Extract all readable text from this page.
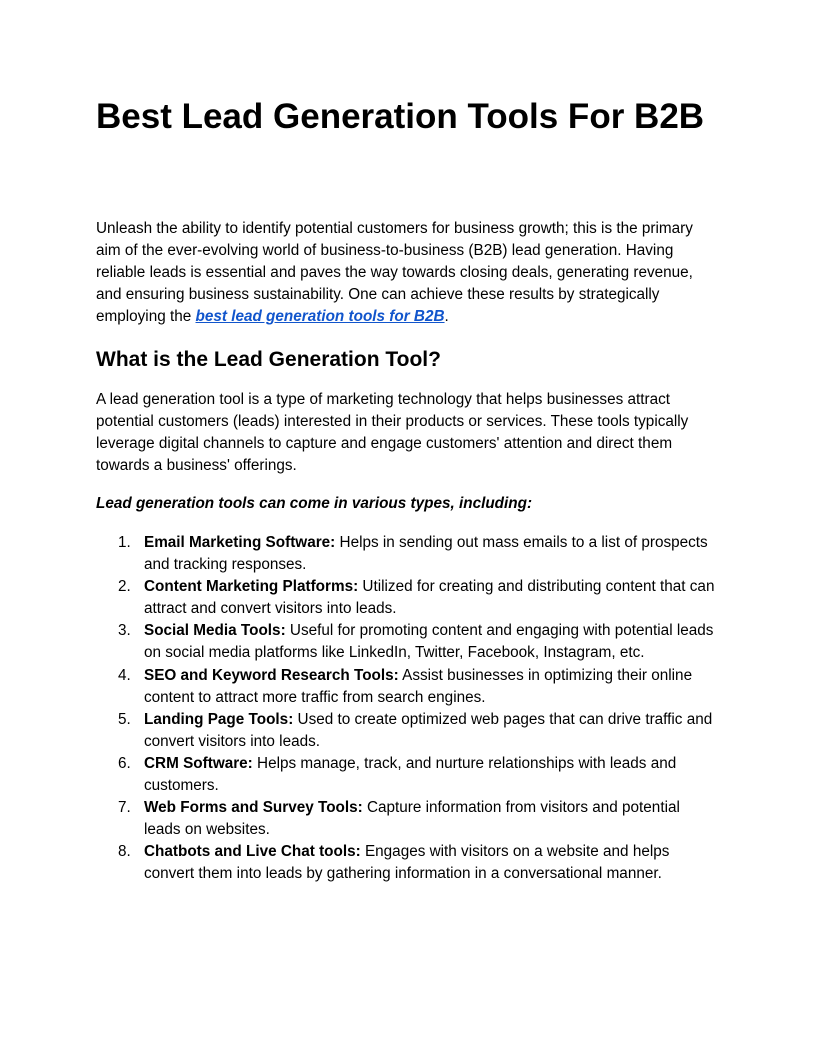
Best Lead Generation Tools For B2B

Unleash the ability to identify potential customers for business growth; this is the primary aim of the ever-evolving world of business-to-business (B2B) lead generation. Having reliable leads is essential and paves the way towards closing deals, generating revenue, and ensuring business sustainability. One can achieve these results by strategically employing the best lead generation tools for B2B.

What is the Lead Generation Tool?

A lead generation tool is a type of marketing technology that helps businesses attract potential customers (leads) interested in their products or services. These tools typically leverage digital channels to capture and engage customers' attention and direct them towards a business' offerings.

Lead generation tools can come in various types, including:

1. Email Marketing Software: Helps in sending out mass emails to a list of prospects and tracking responses.
2. Content Marketing Platforms: Utilized for creating and distributing content that can attract and convert visitors into leads.
3. Social Media Tools: Useful for promoting content and engaging with potential leads on social media platforms like LinkedIn, Twitter, Facebook, Instagram, etc.
4. SEO and Keyword Research Tools: Assist businesses in optimizing their online content to attract more traffic from search engines.
5. Landing Page Tools: Used to create optimized web pages that can drive traffic and convert visitors into leads.
6. CRM Software: Helps manage, track, and nurture relationships with leads and customers.
7. Web Forms and Survey Tools: Capture information from visitors and potential leads on websites.
8. Chatbots and Live Chat tools: Engages with visitors on a website and helps convert them into leads by gathering information in a conversational manner.
